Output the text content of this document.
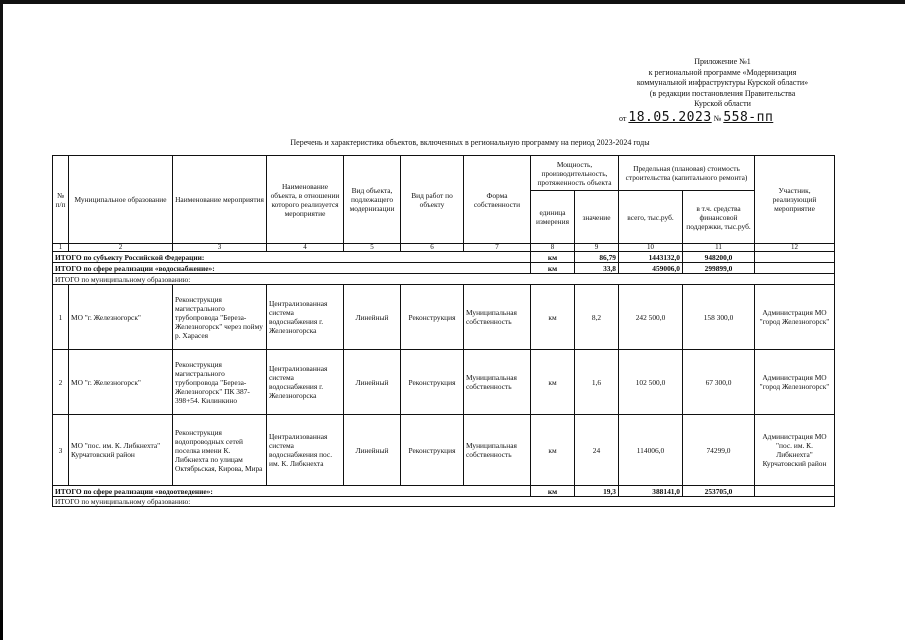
Приложение №1
к региональной программе «Модернизация
коммунальной инфраструктуры Курской области»
(в редакции постановления Правительства
Курской области
от 18.05.2023 № 558-пп
Перечень и характеристика объектов, включенных в региональную программу на период 2023-2024 годы
№ п/п	Муниципальное образование	Наименование мероприятия	Наименование объекта, в отношении которого реализуется мероприятие	Вид объекта, подлежащего модернизации	Вид работ по объекту	Форма собственности	Мощность, производительность, протяженность объекта		Предельная (плановая) стоимость строительства (капитального ремонта)		Участник, реализующий мероприятие
							единица измерения	значение	всего, тыс.руб.	в т.ч. средства финансовой поддержки, тыс.руб.	
1	2	3	4	5	6	7	8	9	10	11	12
ИТОГО по субъекту Российской Федерации:							км	86,79	1443132,0	948200,0	
ИТОГО по сфере реализации «водоснабжение»:							км	33,8	459006,0	299899,0	
ИТОГО по муниципальному образованию:											
1	МО "г. Железногорск"	Реконструкция магистрального трубопровода "Береза-Железногорск" через пойму р. Харасея	Централизованная система водоснабжения г. Железногорска	Линейный	Реконструкция	Муниципальная собственность	км	8,2	242 500,0	158 300,0	Администрация МО "город Железногорск"
2	МО "г. Железногорск"	Реконструкция магистрального трубопровода "Береза-Железногорск" ПК 387-398+54. Килинкино	Централизованная система водоснабжения г. Железногорска	Линейный	Реконструкция	Муниципальная собственность	км	1,6	102 500,0	67 300,0	Администрация МО "город Железногорск"
3	МО "пос. им. К. Либкнехта" Курчатовский район	Реконструкция водопроводных сетей поселка имени К. Либкнехта по улицам Октябрьская, Кирова, Мира	Централизованная система водоснабжения пос. им. К. Либкнехта	Линейный	Реконструкция	Муниципальная собственность	км	24	114006,0	74299,0	Администрация МО "пос. им. К. Либкнехта" Курчатовский район
ИТОГО по сфере реализации «водоотведение»:							км	19,3	388141,0	253705,0	
ИТОГО по муниципальному образованию:											
